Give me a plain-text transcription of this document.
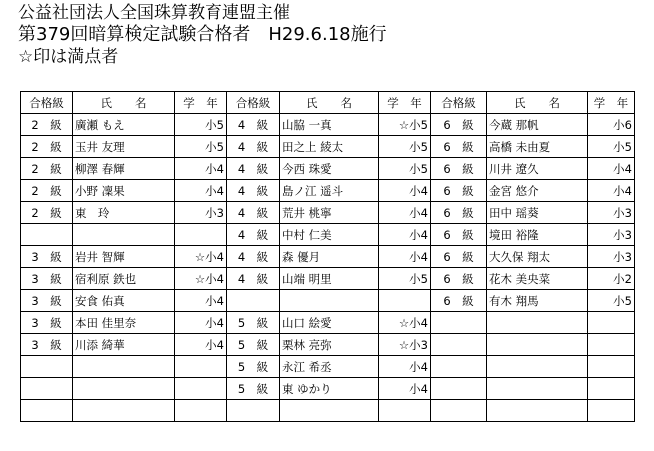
公益社団法人全国珠算教育連盟主催
第379回暗算検定試験合格者　H29.6.18施行
☆印は満点者
合格級	氏　　名	学　年	合格級	氏　　名	学　年	合格級	氏　　名	学　年
2　級	廣瀬 もえ	小5	4　級	山脇 一真	☆小5	6　級	今蔵 那帆	小6
2　級	玉井 友理	小5	4　級	田之上 綾太	小5	6　級	高橋 未由夏	小5
2　級	柳澤 春輝	小4	4　級	今西 珠愛	小5	6　級	川井 遼久	小4
2　級	小野 凜果	小4	4　級	島ノ江 遥斗	小4	6　級	金宮 悠介	小4
2　級	東　玲	小3	4　級	荒井 桃寧	小4	6　級	田中 瑶葵	小3
			4　級	中村 仁美	小4	6　級	境田 裕隆	小3
3　級	岩井 智輝	☆小4	4　級	森 優月	小4	6　級	大久保 翔太	小3
3　級	宿利原 鉄也	☆小4	4　級	山端 明里	小5	6　級	花木 美央菜	小2
3　級	安食 佑真	小4				6　級	有木 翔馬	小5
3　級	本田 佳里奈	小4	5　級	山口 絵愛	☆小4			
3　級	川添 綺華	小4	5　級	栗林 亮弥	☆小3			
			5　級	永江 希丞	小4			
			5　級	東 ゆかり	小4			
